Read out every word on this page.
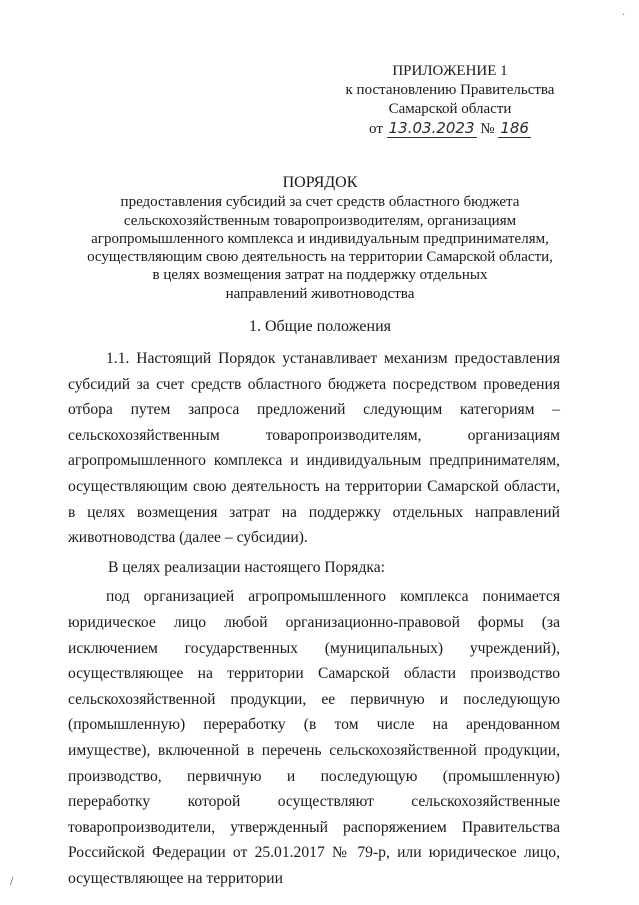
·
/
ПРИЛОЖЕНИЕ 1
к постановлению Правительства
Самарской области
от 13.03.2023 № 186
ПОРЯДОК
предоставления субсидий за счет средств областного бюджета
сельскохозяйственным товаропроизводителям, организациям
агропромышленного комплекса и индивидуальным предпринимателям,
осуществляющим свою деятельность на территории Самарской области,
в целях возмещения затрат на поддержку отдельных
направлений животноводства
1. Общие положения

1.1. Настоящий Порядок устанавливает механизм предоставления субсидий за счет средств областного бюджета посредством проведения отбора путем запроса предложений следующим категориям – сельскохозяйственным товаропроизводителям, организациям агропромышленного комплекса и индивидуальным предпринимателям, осуществляющим свою деятельность на территории Самарской области, в целях возмещения затрат на поддержку отдельных направлений животноводства (далее – субсидии).

В целях реализации настоящего Порядка:

под организацией агропромышленного комплекса понимается юридическое лицо любой организационно-правовой формы (за исключением государственных (муниципальных) учреждений), осуществляющее на территории Самарской области производство сельскохозяйственной продукции, ее первичную и последующую (промышленную) переработку (в том числе на арендованном имуществе), включенной в перечень сельскохозяйственной продукции, производство, первичную и последующую (промышленную) переработку которой осуществляют сельскохозяйственные товаропроизводители, утвержденный распоряжением Правительства Российской Федерации от 25.01.2017 № 79-р, или юридическое лицо, осуществляющее на территории
